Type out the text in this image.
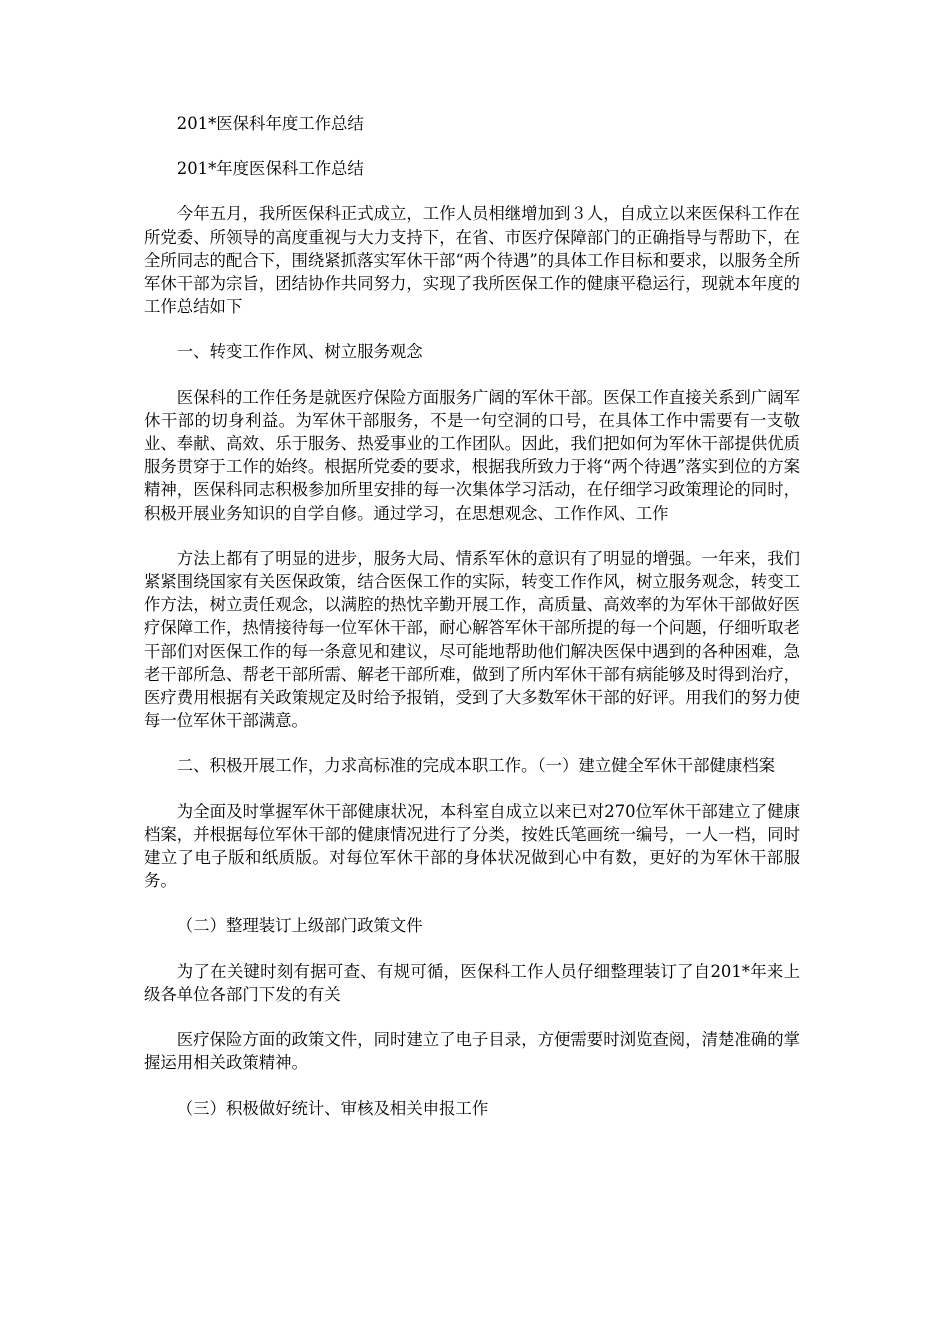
201*医保科年度工作总结

201*年度医保科工作总结

今年五月，我所医保科正式成立，工作人员相继增加到３人，自成立以来医保科工作在所党委、所领导的高度重视与大力支持下，在省、市医疗保障部门的正确指导与帮助下，在全所同志的配合下，围绕紧抓落实军休干部“两个待遇”的具体工作目标和要求，以服务全所军休干部为宗旨，团结协作共同努力，实现了我所医保工作的健康平稳运行，现就本年度的工作总结如下

一、转变工作作风、树立服务观念

医保科的工作任务是就医疗保险方面服务广阔的军休干部。医保工作直接关系到广阔军休干部的切身利益。为军休干部服务，不是一句空洞的口号，在具体工作中需要有一支敬业、奉献、高效、乐于服务、热爱事业的工作团队。因此，我们把如何为军休干部提供优质服务贯穿于工作的始终。根据所党委的要求，根据我所致力于将“两个待遇”落实到位的方案精神，医保科同志积极参加所里安排的每一次集体学习活动，在仔细学习政策理论的同时，积极开展业务知识的自学自修。通过学习，在思想观念、工作作风、工作

方法上都有了明显的进步，服务大局、情系军休的意识有了明显的增强。一年来，我们紧紧围绕国家有关医保政策，结合医保工作的实际，转变工作作风，树立服务观念，转变工作方法，树立责任观念，以满腔的热忱辛勤开展工作，高质量、高效率的为军休干部做好医疗保障工作，热情接待每一位军休干部，耐心解答军休干部所提的每一个问题，仔细听取老干部们对医保工作的每一条意见和建议，尽可能地帮助他们解决医保中遇到的各种困难，急老干部所急、帮老干部所需、解老干部所难，做到了所内军休干部有病能够及时得到治疗，医疗费用根据有关政策规定及时给予报销，受到了大多数军休干部的好评。用我们的努力使每一位军休干部满意。

二、积极开展工作，力求高标准的完成本职工作。（一）建立健全军休干部健康档案

为全面及时掌握军休干部健康状况，本科室自成立以来已对270位军休干部建立了健康档案，并根据每位军休干部的健康情况进行了分类，按姓氏笔画统一编号，一人一档，同时建立了电子版和纸质版。对每位军休干部的身体状况做到心中有数，更好的为军休干部服务。

（二）整理装订上级部门政策文件

为了在关键时刻有据可查、有规可循，医保科工作人员仔细整理装订了自201*年来上级各单位各部门下发的有关

医疗保险方面的政策文件，同时建立了电子目录，方便需要时浏览查阅，清楚准确的掌握运用相关政策精神。

（三）积极做好统计、审核及相关申报工作
